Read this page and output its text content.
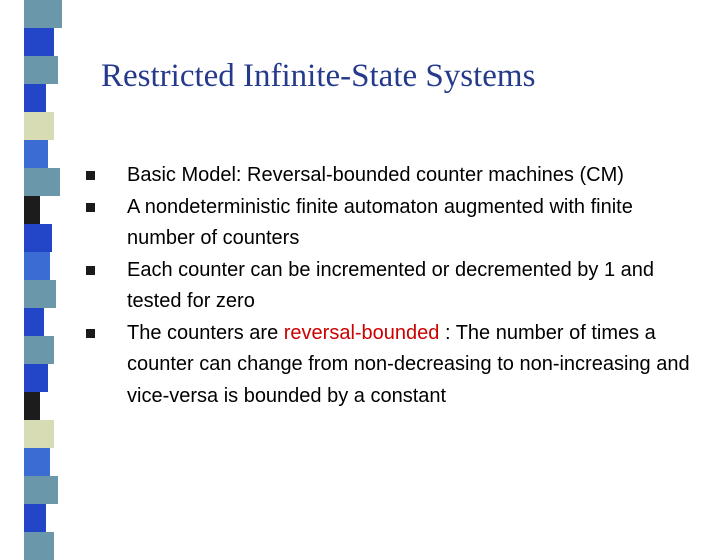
Restricted Infinite-State Systems
Basic Model: Reversal-bounded counter machines (CM)
A nondeterministic finite automaton augmented with finite number of counters
Each counter can be incremented or decremented by 1 and tested for zero
The counters are reversal-bounded : The number of times a counter can change from non-decreasing to non-increasing and vice-versa is bounded by a constant
